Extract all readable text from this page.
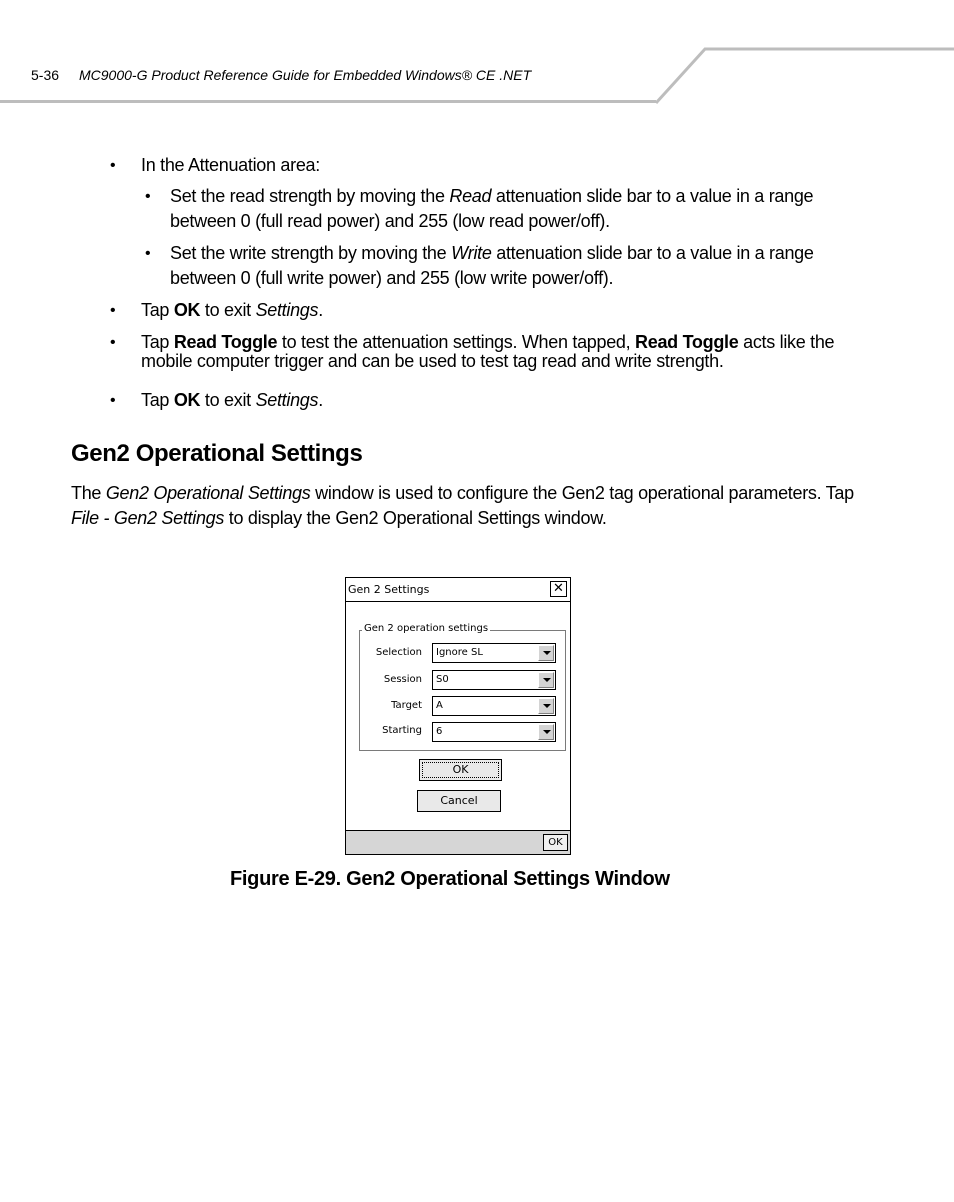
5-36 MC9000-G Product Reference Guide for Embedded Windows® CE .NET
• In the Attenuation area:
• Set the read strength by moving the Read attenuation slide bar to a value in a range
between 0 (full read power) and 255 (low read power/off).
• Set the write strength by moving the Write attenuation slide bar to a value in a range
between 0 (full write power) and 255 (low write power/off).
• Tap OK to exit Settings.
• Tap Read Toggle to test the attenuation settings. When tapped, Read Toggle acts like the
mobile computer trigger and can be used to test tag read and write strength.
• Tap OK to exit Settings.
Gen2 Operational Settings
The Gen2 Operational Settings window is used to configure the Gen2 tag operational parameters. Tap
File - Gen2 Settings to display the Gen2 Operational Settings window.
Gen 2 Settings	✕
Gen 2 operation settings
Selection Ignore SL
Session S0
Target A
Starting 6
OK
Cancel
OK
Figure E-29. Gen2 Operational Settings Window
